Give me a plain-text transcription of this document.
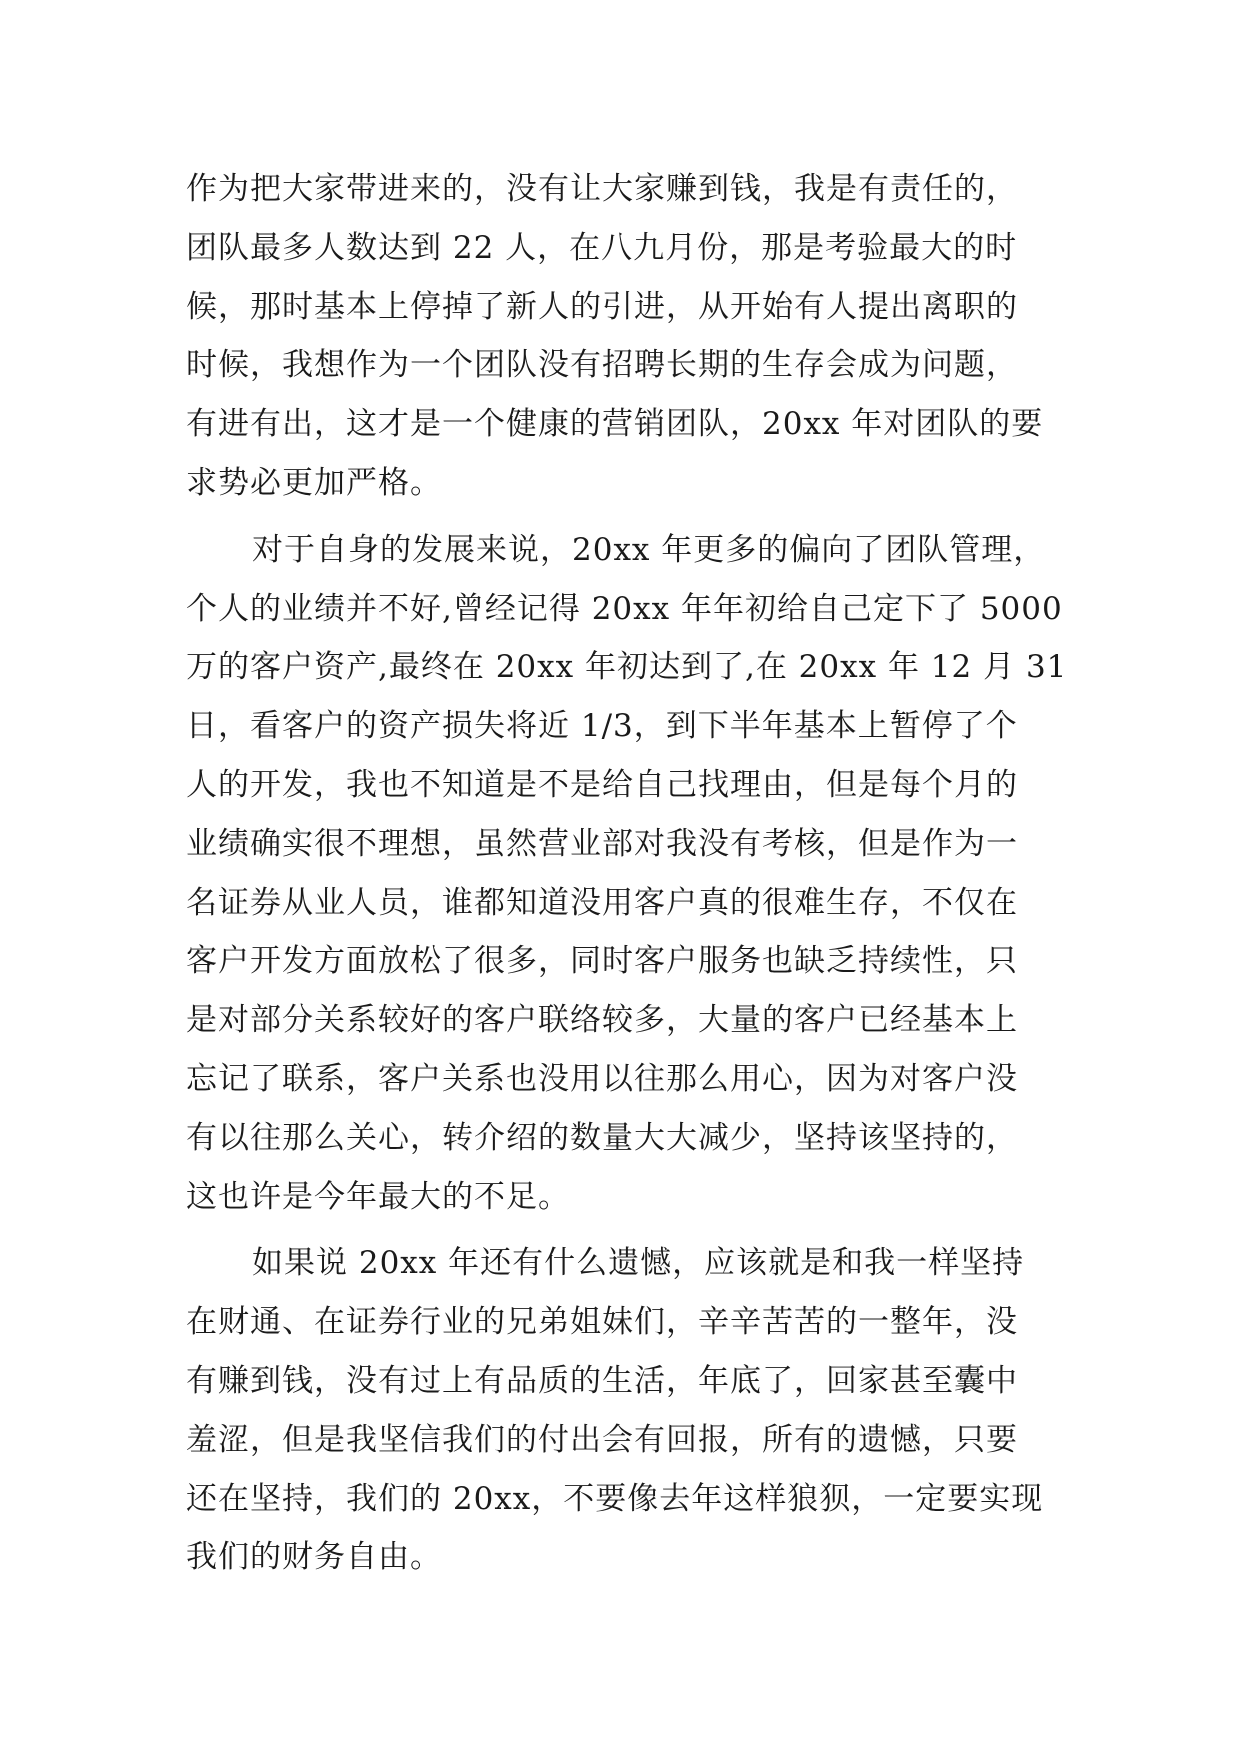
作为把大家带进来的，没有让大家赚到钱，我是有责任的，
团队最多人数达到 22 人，在八九月份，那是考验最大的时
候，那时基本上停掉了新人的引进，从开始有人提出离职的
时候，我想作为一个团队没有招聘长期的生存会成为问题，
有进有出，这才是一个健康的营销团队，20xx 年对团队的要
求势必更加严格。
对于自身的发展来说，20xx 年更多的偏向了团队管理，
个人的业绩并不好,曾经记得 20xx 年年初给自己定下了 5000
万的客户资产,最终在 20xx 年初达到了,在 20xx 年 12 月 31
日，看客户的资产损失将近 1/3，到下半年基本上暂停了个
人的开发，我也不知道是不是给自己找理由，但是每个月的
业绩确实很不理想，虽然营业部对我没有考核，但是作为一
名证券从业人员，谁都知道没用客户真的很难生存，不仅在
客户开发方面放松了很多，同时客户服务也缺乏持续性，只
是对部分关系较好的客户联络较多，大量的客户已经基本上
忘记了联系，客户关系也没用以往那么用心，因为对客户没
有以往那么关心，转介绍的数量大大减少，坚持该坚持的，
这也许是今年最大的不足。
如果说 20xx 年还有什么遗憾，应该就是和我一样坚持
在财通、在证券行业的兄弟姐妹们，辛辛苦苦的一整年，没
有赚到钱，没有过上有品质的生活，年底了，回家甚至囊中
羞涩，但是我坚信我们的付出会有回报，所有的遗憾，只要
还在坚持，我们的 20xx，不要像去年这样狼狈，一定要实现
我们的财务自由。
